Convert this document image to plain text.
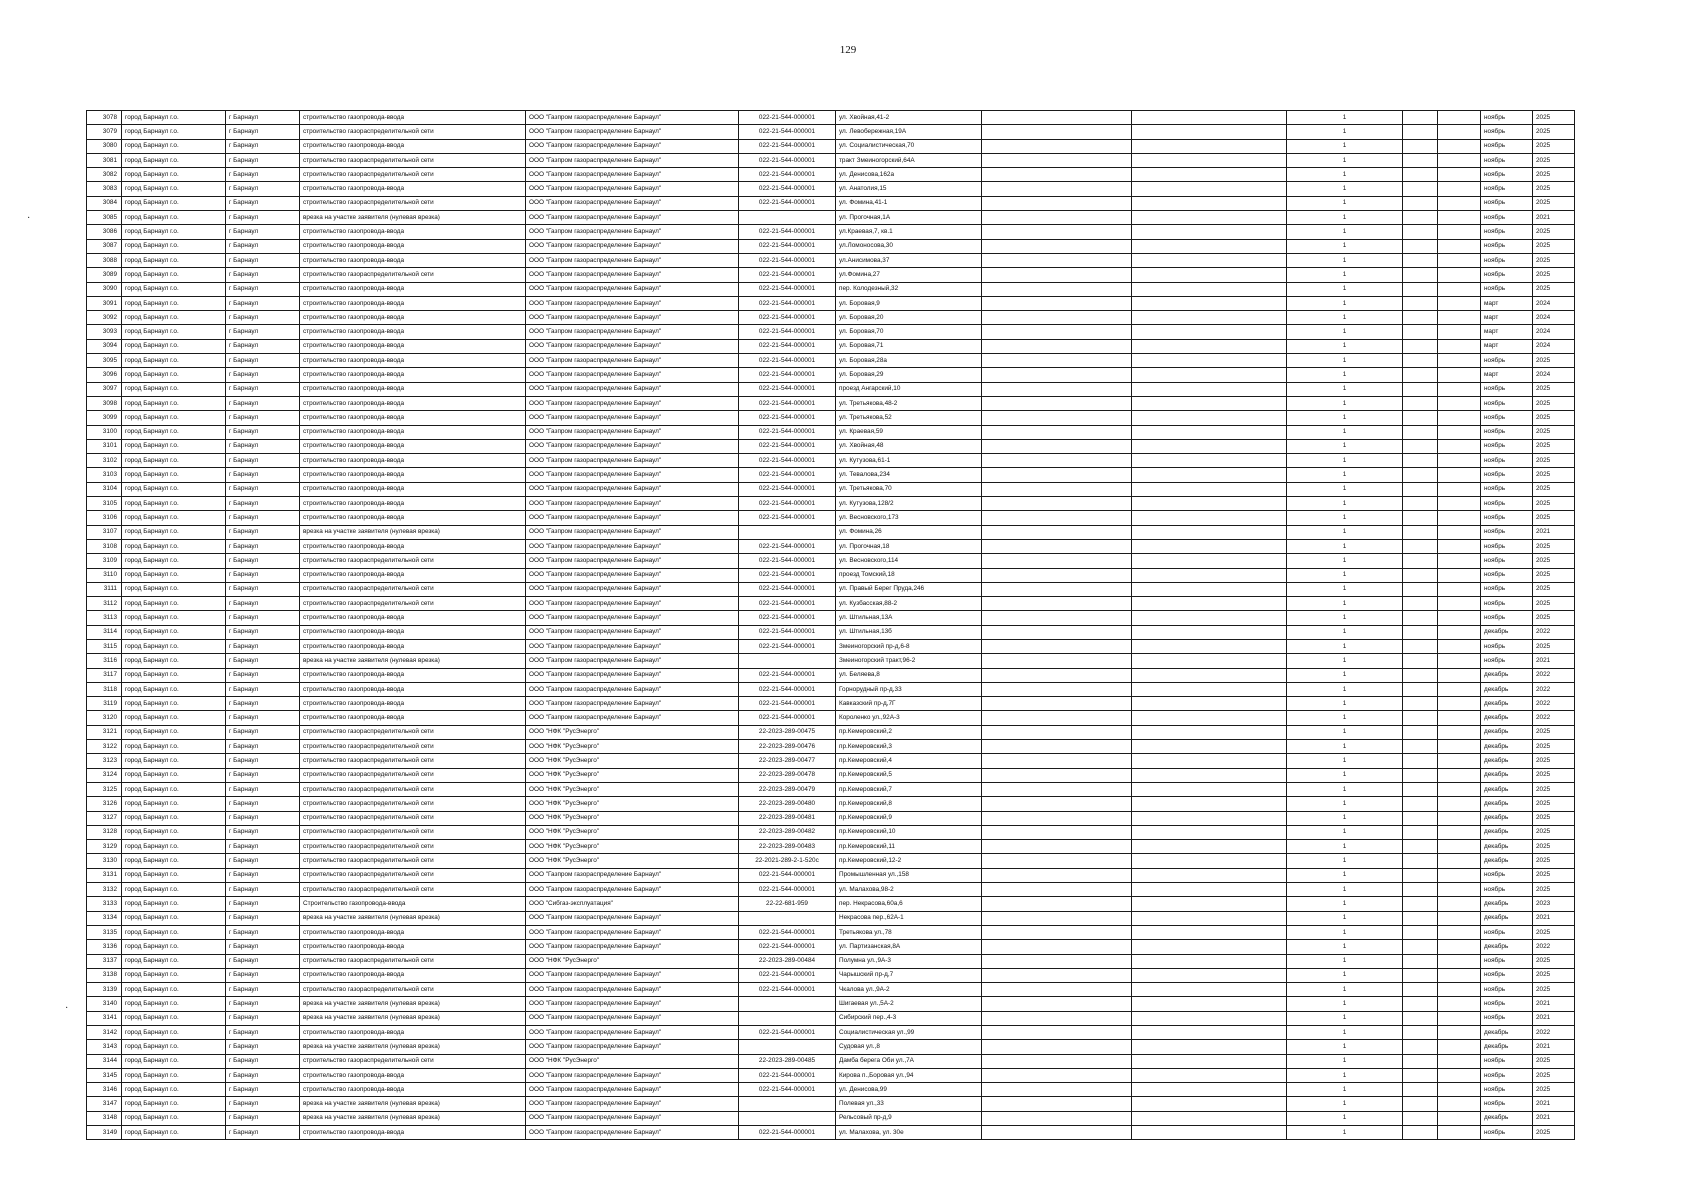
129
·
·
3078	город Барнаул г.о.	г Барнаул	строительство газопровода-ввода	ООО "Газпром газораспределение Барнаул"	022-21-544-000001	ул. Хвойная,41-2			1			ноябрь	2025
3079	город Барнаул г.о.	г Барнаул	строительство газораспределительной сети	ООО "Газпром газораспределение Барнаул"	022-21-544-000001	ул. Левобережная,19А			1			ноябрь	2025
3080	город Барнаул г.о.	г Барнаул	строительство газопровода-ввода	ООО "Газпром газораспределение Барнаул"	022-21-544-000001	ул. Социалистическая,70			1			ноябрь	2025
3081	город Барнаул г.о.	г Барнаул	строительство газораспределительной сети	ООО "Газпром газораспределение Барнаул"	022-21-544-000001	тракт Змеиногорский,64А			1			ноябрь	2025
3082	город Барнаул г.о.	г Барнаул	строительство газораспределительной сети	ООО "Газпром газораспределение Барнаул"	022-21-544-000001	ул. Денисова,162а			1			ноябрь	2025
3083	город Барнаул г.о.	г Барнаул	строительство газопровода-ввода	ООО "Газпром газораспределение Барнаул"	022-21-544-000001	ул. Анатолия,15			1			ноябрь	2025
3084	город Барнаул г.о.	г Барнаул	строительство газораспределительной сети	ООО "Газпром газораспределение Барнаул"	022-21-544-000001	ул. Фомина,41-1			1			ноябрь	2025
3085	город Барнаул г.о.	г Барнаул	врезка на участке заявителя (нулевая врезка)	ООО "Газпром газораспределение Барнаул"		ул. Прогочная,1А			1			ноябрь	2021
3086	город Барнаул г.о.	г Барнаул	строительство газопровода-ввода	ООО "Газпром газораспределение Барнаул"	022-21-544-000001	ул.Краевая,7, кв.1			1			ноябрь	2025
3087	город Барнаул г.о.	г Барнаул	строительство газопровода-ввода	ООО "Газпром газораспределение Барнаул"	022-21-544-000001	ул.Ломоносова,30			1			ноябрь	2025
3088	город Барнаул г.о.	г Барнаул	строительство газопровода-ввода	ООО "Газпром газораспределение Барнаул"	022-21-544-000001	ул.Анисимова,37			1			ноябрь	2025
3089	город Барнаул г.о.	г Барнаул	строительство газораспределительной сети	ООО "Газпром газораспределение Барнаул"	022-21-544-000001	ул.Фомина,27			1			ноябрь	2025
3090	город Барнаул г.о.	г Барнаул	строительство газопровода-ввода	ООО "Газпром газораспределение Барнаул"	022-21-544-000001	пер. Колодезный,32			1			ноябрь	2025
3091	город Барнаул г.о.	г Барнаул	строительство газопровода-ввода	ООО "Газпром газораспределение Барнаул"	022-21-544-000001	ул. Боровая,9			1			март	2024
3092	город Барнаул г.о.	г Барнаул	строительство газопровода-ввода	ООО "Газпром газораспределение Барнаул"	022-21-544-000001	ул. Боровая,20			1			март	2024
3093	город Барнаул г.о.	г Барнаул	строительство газопровода-ввода	ООО "Газпром газораспределение Барнаул"	022-21-544-000001	ул. Боровая,70			1			март	2024
3094	город Барнаул г.о.	г Барнаул	строительство газопровода-ввода	ООО "Газпром газораспределение Барнаул"	022-21-544-000001	ул. Боровая,71			1			март	2024
3095	город Барнаул г.о.	г Барнаул	строительство газопровода-ввода	ООО "Газпром газораспределение Барнаул"	022-21-544-000001	ул. Боровая,28а			1			ноябрь	2025
3096	город Барнаул г.о.	г Барнаул	строительство газопровода-ввода	ООО "Газпром газораспределение Барнаул"	022-21-544-000001	ул. Боровая,29			1			март	2024
3097	город Барнаул г.о.	г Барнаул	строительство газопровода-ввода	ООО "Газпром газораспределение Барнаул"	022-21-544-000001	проезд Ангарский,10			1			ноябрь	2025
3098	город Барнаул г.о.	г Барнаул	строительство газопровода-ввода	ООО "Газпром газораспределение Барнаул"	022-21-544-000001	ул. Третьякова,48-2			1			ноябрь	2025
3099	город Барнаул г.о.	г Барнаул	строительство газопровода-ввода	ООО "Газпром газораспределение Барнаул"	022-21-544-000001	ул. Третьякова,52			1			ноябрь	2025
3100	город Барнаул г.о.	г Барнаул	строительство газопровода-ввода	ООО "Газпром газораспределение Барнаул"	022-21-544-000001	ул. Краевая,59			1			ноябрь	2025
3101	город Барнаул г.о.	г Барнаул	строительство газопровода-ввода	ООО "Газпром газораспределение Барнаул"	022-21-544-000001	ул. Хвойная,48			1			ноябрь	2025
3102	город Барнаул г.о.	г Барнаул	строительство газопровода-ввода	ООО "Газпром газораспределение Барнаул"	022-21-544-000001	ул. Кутузова,61-1			1			ноябрь	2025
3103	город Барнаул г.о.	г Барнаул	строительство газопровода-ввода	ООО "Газпром газораспределение Барнаул"	022-21-544-000001	ул. Тевалова,234			1			ноябрь	2025
3104	город Барнаул г.о.	г Барнаул	строительство газопровода-ввода	ООО "Газпром газораспределение Барнаул"	022-21-544-000001	ул. Третьякова,70			1			ноябрь	2025
3105	город Барнаул г.о.	г Барнаул	строительство газопровода-ввода	ООО "Газпром газораспределение Барнаул"	022-21-544-000001	ул. Кутузова,128/2			1			ноябрь	2025
3106	город Барнаул г.о.	г Барнаул	строительство газопровода-ввода	ООО "Газпром газораспределение Барнаул"	022-21-544-000001	ул. Весновского,173			1			ноябрь	2025
3107	город Барнаул г.о.	г Барнаул	врезка на участке заявителя (нулевая врезка)	ООО "Газпром газораспределение Барнаул"		ул. Фомина,26			1			ноябрь	2021
3108	город Барнаул г.о.	г Барнаул	строительство газопровода-ввода	ООО "Газпром газораспределение Барнаул"	022-21-544-000001	ул. Прогочная,18			1			ноябрь	2025
3109	город Барнаул г.о.	г Барнаул	строительство газораспределительной сети	ООО "Газпром газораспределение Барнаул"	022-21-544-000001	ул. Весновского,114			1			ноябрь	2025
3110	город Барнаул г.о.	г Барнаул	строительство газопровода-ввода	ООО "Газпром газораспределение Барнаул"	022-21-544-000001	проезд Томский,18			1			ноябрь	2025
3111	город Барнаул г.о.	г Барнаул	строительство газораспределительной сети	ООО "Газпром газораспределение Барнаул"	022-21-544-000001	ул. Правый Берег Пруда,246			1			ноябрь	2025
3112	город Барнаул г.о.	г Барнаул	строительство газораспределительной сети	ООО "Газпром газораспределение Барнаул"	022-21-544-000001	ул. Кузбасская,88-2			1			ноябрь	2025
3113	город Барнаул г.о.	г Барнаул	строительство газопровода-ввода	ООО "Газпром газораспределение Барнаул"	022-21-544-000001	ул. Штильная,13А			1			ноябрь	2025
3114	город Барнаул г.о.	г Барнаул	строительство газопровода-ввода	ООО "Газпром газораспределение Барнаул"	022-21-544-000001	ул. Штильная,13б			1			декабрь	2022
3115	город Барнаул г.о.	г Барнаул	строительство газопровода-ввода	ООО "Газпром газораспределение Барнаул"	022-21-544-000001	Змеиногорский пр-д,6-8			1			ноябрь	2025
3116	город Барнаул г.о.	г Барнаул	врезка на участке заявителя (нулевая врезка)	ООО "Газпром газораспределение Барнаул"		Змеиногорский тракт,96-2			1			ноябрь	2021
3117	город Барнаул г.о.	г Барнаул	строительство газопровода-ввода	ООО "Газпром газораспределение Барнаул"	022-21-544-000001	ул. Беляева,8			1			декабрь	2022
3118	город Барнаул г.о.	г Барнаул	строительство газопровода-ввода	ООО "Газпром газораспределение Барнаул"	022-21-544-000001	Горнорудный пр-д,33			1			декабрь	2022
3119	город Барнаул г.о.	г Барнаул	строительство газопровода-ввода	ООО "Газпром газораспределение Барнаул"	022-21-544-000001	Кавказский пр-д,7Г			1			декабрь	2022
3120	город Барнаул г.о.	г Барнаул	строительство газопровода-ввода	ООО "Газпром газораспределение Барнаул"	022-21-544-000001	Короленко ул.,92А-3			1			декабрь	2022
3121	город Барнаул г.о.	г Барнаул	строительство газораспределительной сети	ООО "НФК "РусЭнерго"	22-2023-289-00475	пр.Кемеровский,2			1			декабрь	2025
3122	город Барнаул г.о.	г Барнаул	строительство газораспределительной сети	ООО "НФК "РусЭнерго"	22-2023-289-00476	пр.Кемеровский,3			1			декабрь	2025
3123	город Барнаул г.о.	г Барнаул	строительство газораспределительной сети	ООО "НФК "РусЭнерго"	22-2023-289-00477	пр.Кемеровский,4			1			декабрь	2025
3124	город Барнаул г.о.	г Барнаул	строительство газораспределительной сети	ООО "НФК "РусЭнерго"	22-2023-289-00478	пр.Кемеровский,5			1			декабрь	2025
3125	город Барнаул г.о.	г Барнаул	строительство газораспределительной сети	ООО "НФК "РусЭнерго"	22-2023-289-00479	пр.Кемеровский,7			1			декабрь	2025
3126	город Барнаул г.о.	г Барнаул	строительство газораспределительной сети	ООО "НФК "РусЭнерго"	22-2023-289-00480	пр.Кемеровский,8			1			декабрь	2025
3127	город Барнаул г.о.	г Барнаул	строительство газораспределительной сети	ООО "НФК "РусЭнерго"	22-2023-289-00481	пр.Кемеровский,9			1			декабрь	2025
3128	город Барнаул г.о.	г Барнаул	строительство газораспределительной сети	ООО "НФК "РусЭнерго"	22-2023-289-00482	пр.Кемеровский,10			1			декабрь	2025
3129	город Барнаул г.о.	г Барнаул	строительство газораспределительной сети	ООО "НФК "РусЭнерго"	22-2023-289-00483	пр.Кемеровский,11			1			декабрь	2025
3130	город Барнаул г.о.	г Барнаул	строительство газораспределительной сети	ООО "НФК "РусЭнерго"	22-2021-289-2-1-520с	пр.Кемеровский,12-2			1			декабрь	2025
3131	город Барнаул г.о.	г Барнаул	строительство газораспределительной сети	ООО "Газпром газораспределение Барнаул"	022-21-544-000001	Промышленная ул.,158			1			ноябрь	2025
3132	город Барнаул г.о.	г Барнаул	строительство газораспределительной сети	ООО "Газпром газораспределение Барнаул"	022-21-544-000001	ул. Малахова,98-2			1			ноябрь	2025
3133	город Барнаул г.о.	г Барнаул	Строительство газопровода-ввода	ООО "Сибгаз-эксплуатация"	22-22-681-959	пер. Некрасова,60а,6			1			декабрь	2023
3134	город Барнаул г.о.	г Барнаул	врезка на участке заявителя (нулевая врезка)	ООО "Газпром газораспределение Барнаул"		Некрасова пер.,62А-1			1			декабрь	2021
3135	город Барнаул г.о.	г Барнаул	строительство газопровода-ввода	ООО "Газпром газораспределение Барнаул"	022-21-544-000001	Третьякова ул.,78			1			ноябрь	2025
3136	город Барнаул г.о.	г Барнаул	строительство газопровода-ввода	ООО "Газпром газораспределение Барнаул"	022-21-544-000001	ул. Партизанская,8А			1			декабрь	2022
3137	город Барнаул г.о.	г Барнаул	строительство газораспределительной сети	ООО "НФК "РусЭнерго"	22-2023-289-00484	Полумна ул.,9А-3			1			ноябрь	2025
3138	город Барнаул г.о.	г Барнаул	строительство газопровода-ввода	ООО "Газпром газораспределение Барнаул"	022-21-544-000001	Чарышский пр-д,7			1			ноябрь	2025
3139	город Барнаул г.о.	г Барнаул	строительство газораспределительной сети	ООО "Газпром газораспределение Барнаул"	022-21-544-000001	Чкалова ул.,9А-2			1			ноябрь	2025
3140	город Барнаул г.о.	г Барнаул	врезка на участке заявителя (нулевая врезка)	ООО "Газпром газораспределение Барнаул"		Шигаевая ул.,5А-2			1			ноябрь	2021
3141	город Барнаул г.о.	г Барнаул	врезка на участке заявителя (нулевая врезка)	ООО "Газпром газораспределение Барнаул"		Сибирский пер.,4-3			1			ноябрь	2021
3142	город Барнаул г.о.	г Барнаул	строительство газопровода-ввода	ООО "Газпром газораспределение Барнаул"	022-21-544-000001	Социалистическая ул.,99			1			декабрь	2022
3143	город Барнаул г.о.	г Барнаул	врезка на участке заявителя (нулевая врезка)	ООО "Газпром газораспределение Барнаул"		Судовая ул.,8			1			декабрь	2021
3144	город Барнаул г.о.	г Барнаул	строительство газораспределительной сети	ООО "НФК "РусЭнерго"	22-2023-289-00485	Дамба берега Оби ул.,7А			1			ноябрь	2025
3145	город Барнаул г.о.	г Барнаул	строительство газопровода-ввода	ООО "Газпром газораспределение Барнаул"	022-21-544-000001	Кирова п.,Боровая ул.,94			1			ноябрь	2025
3146	город Барнаул г.о.	г Барнаул	строительство газопровода-ввода	ООО "Газпром газораспределение Барнаул"	022-21-544-000001	ул. Денисова,99			1			ноябрь	2025
3147	город Барнаул г.о.	г Барнаул	врезка на участке заявителя (нулевая врезка)	ООО "Газпром газораспределение Барнаул"		Полевая ул.,33			1			ноябрь	2021
3148	город Барнаул г.о.	г Барнаул	врезка на участке заявителя (нулевая врезка)	ООО "Газпром газораспределение Барнаул"		Рельсовый пр-д,9			1			декабрь	2021
3149	город Барнаул г.о.	г Барнаул	строительство газопровода-ввода	ООО "Газпром газораспределение Барнаул"	022-21-544-000001	ул. Малахова, ул. 30е			1			ноябрь	2025
